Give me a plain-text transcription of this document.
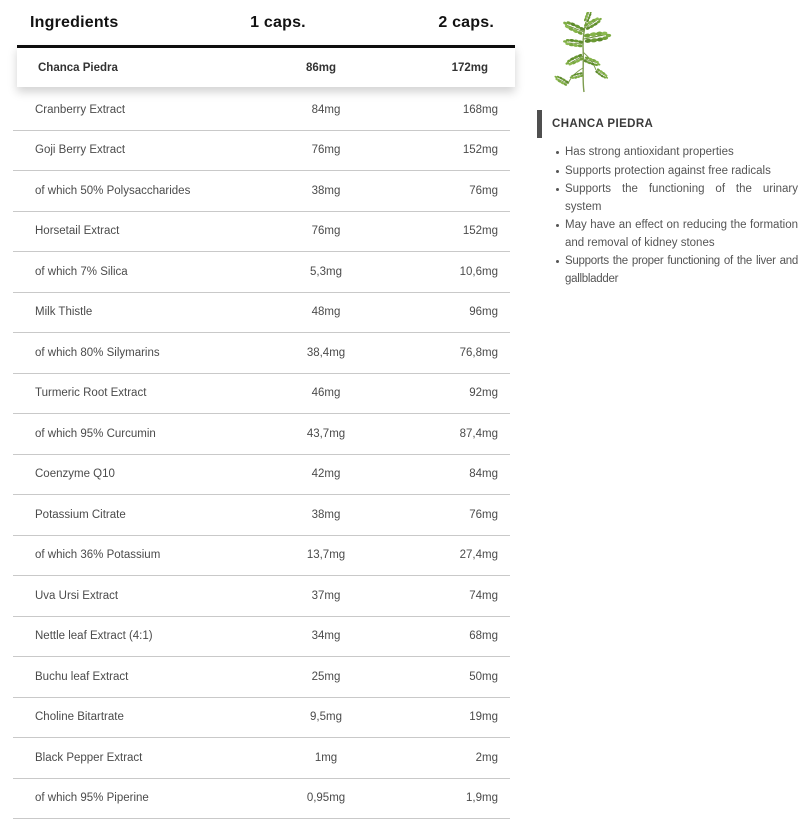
Ingredients	1 caps.	2 caps.
Chanca Piedra	86mg	172mg
Cranberry Extract	84mg	168mg
Goji Berry Extract	76mg	152mg
of which 50% Polysaccharides	38mg	76mg
Horsetail Extract	76mg	152mg
of which 7% Silica	5,3mg	10,6mg
Milk Thistle	48mg	96mg
of which 80% Silymarins	38,4mg	76,8mg
Turmeric Root Extract	46mg	92mg
of which 95% Curcumin	43,7mg	87,4mg
Coenzyme Q10	42mg	84mg
Potassium Citrate	38mg	76mg
of which 36% Potassium	13,7mg	27,4mg
Uva Ursi Extract	37mg	74mg
Nettle leaf Extract (4:1)	34mg	68mg
Buchu leaf Extract	25mg	50mg
Choline Bitartrate	9,5mg	19mg
Black Pepper Extract	1mg	2mg
of which 95% Piperine	0,95mg	1,9mg
CHANCA PIEDRA
Has strong antioxidant properties
Supports protection against free radicals
Supports the functioning of the urinary system
May have an effect on reducing the formation and removal of kidney stones
Supports the proper functioning of the liver and gallbladder
